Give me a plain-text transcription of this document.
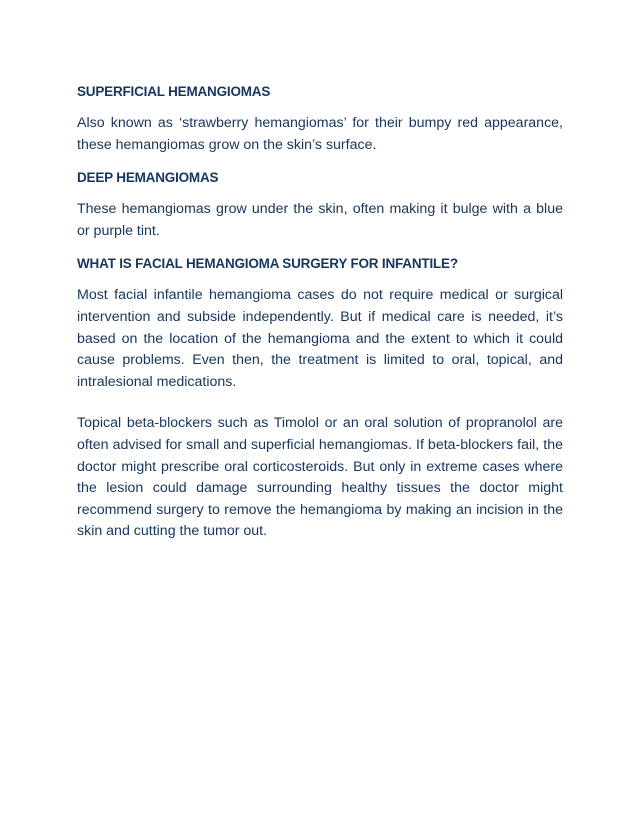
SUPERFICIAL HEMANGIOMAS

Also known as ‘strawberry hemangiomas’ for their bumpy red appearance, these hemangiomas grow on the skin’s surface.

DEEP HEMANGIOMAS

These hemangiomas grow under the skin, often making it bulge with a blue or purple tint.

WHAT IS FACIAL HEMANGIOMA SURGERY FOR INFANTILE?

Most facial infantile hemangioma cases do not require medical or surgical intervention and subside independently. But if medical care is needed, it’s based on the location of the hemangioma and the extent to which it could cause problems. Even then, the treatment is limited to oral, topical, and intralesional medications.

Topical beta-blockers such as Timolol or an oral solution of propranolol are often advised for small and superficial hemangiomas. If beta-blockers fail, the doctor might prescribe oral corticosteroids. But only in extreme cases where the lesion could damage surrounding healthy tissues the doctor might recommend surgery to remove the hemangioma by making an incision in the skin and cutting the tumor out.
